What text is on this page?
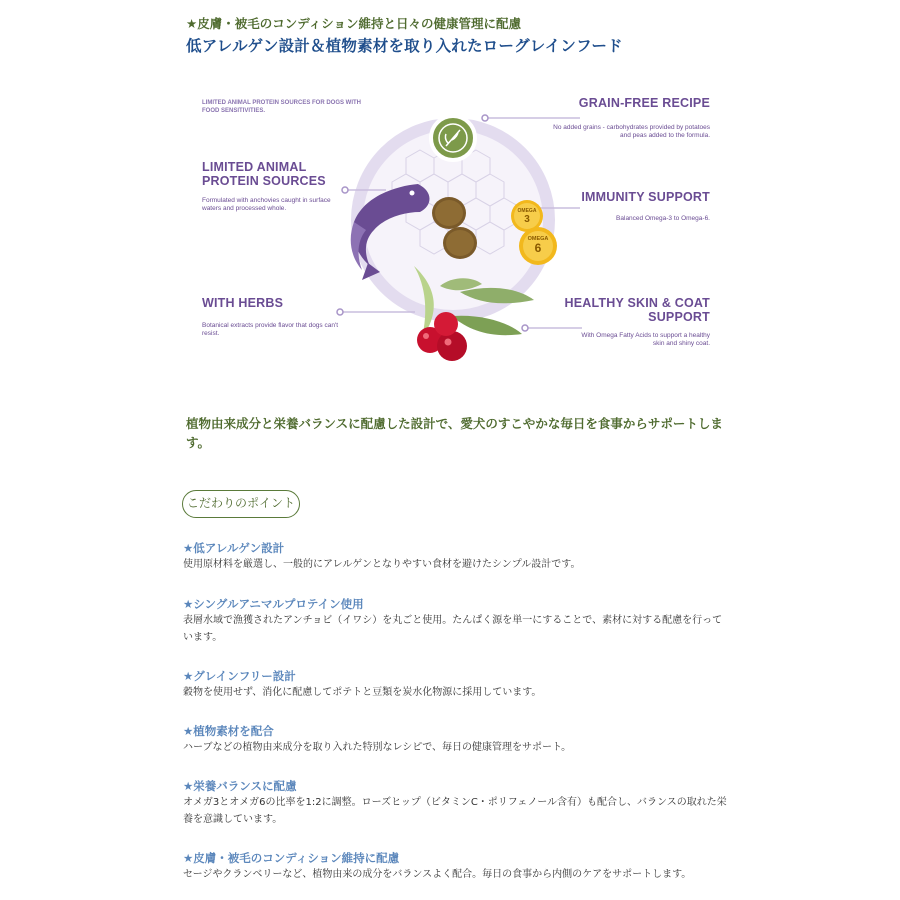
★皮膚・被毛のコンディション維持と日々の健康管理に配慮
低アレルゲン設計＆植物素材を取り入れたローグレインフード
LIMITED ANIMAL PROTEIN SOURCES FOR DOGS WITH FOOD SENSITIVITIES.
LIMITED ANIMAL PROTEIN SOURCES
Formulated with anchovies caught in surface waters and processed whole.
WITH HERBS
Botanical extracts provide flavor that dogs can't resist.
GRAIN-FREE RECIPE
No added grains - carbohydrates provided by potatoes and peas added to the formula.
IMMUNITY SUPPORT
Balanced Omega-3 to Omega-6.
HEALTHY SKIN & COAT SUPPORT
With Omega Fatty Acids to support a healthy skin and shiny coat.
OMEGA
3
OMEGA
6
植物由来成分と栄養バランスに配慮した設計で、愛犬のすこやかな毎日を食事からサポートします。
こだわりのポイント
★低アレルゲン設計
使用原材料を厳選し、一般的にアレルゲンとなりやすい食材を避けたシンプル設計です。
★シングルアニマルプロテイン使用
表層水域で漁獲されたアンチョビ（イワシ）を丸ごと使用。たんぱく源を単一にすることで、素材に対する配慮を行っています。
★グレインフリー設計
穀物を使用せず、消化に配慮してポテトと豆類を炭水化物源に採用しています。
★植物素材を配合
ハーブなどの植物由来成分を取り入れた特別なレシピで、毎日の健康管理をサポート。
★栄養バランスに配慮
オメガ3とオメガ6の比率を1:2に調整。ローズヒップ（ビタミンC・ポリフェノール含有）も配合し、バランスの取れた栄養を意識しています。
★皮膚・被毛のコンディション維持に配慮
セージやクランベリーなど、植物由来の成分をバランスよく配合。毎日の食事から内側のケアをサポートします。
